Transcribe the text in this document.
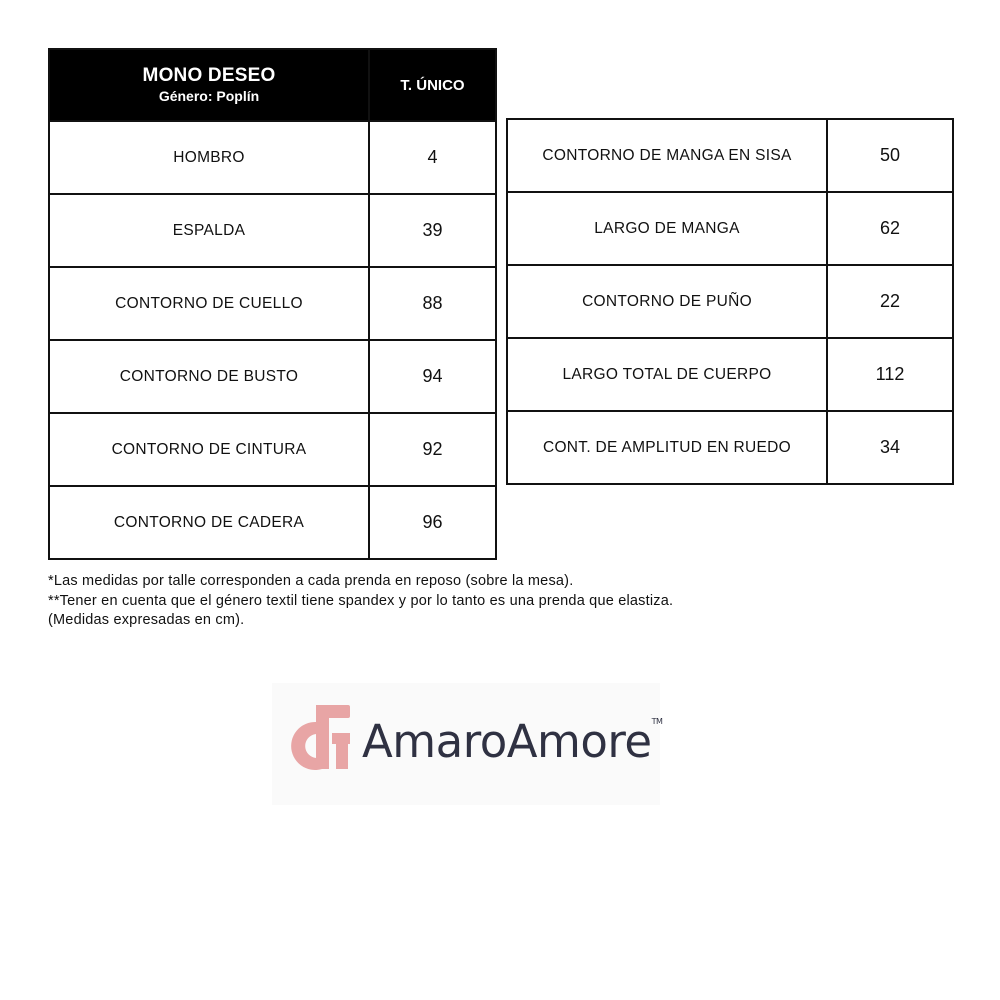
MONO DESEO
Género: Poplín	T. ÚNICO
HOMBRO	4
ESPALDA	39
CONTORNO DE CUELLO	88
CONTORNO DE BUSTO	94
CONTORNO DE CINTURA	92
CONTORNO DE CADERA	96
CONTORNO DE MANGA EN SISA	50
LARGO DE MANGA	62
CONTORNO DE PUÑO	22
LARGO TOTAL DE CUERPO	112
CONT. DE AMPLITUD EN RUEDO	34
*Las medidas por talle corresponden a cada prenda en reposo (sobre la mesa).
**Tener en cuenta que el género textil tiene spandex y por lo tanto es una prenda que elastiza.
(Medidas expresadas en cm).
AmaroAmore™
